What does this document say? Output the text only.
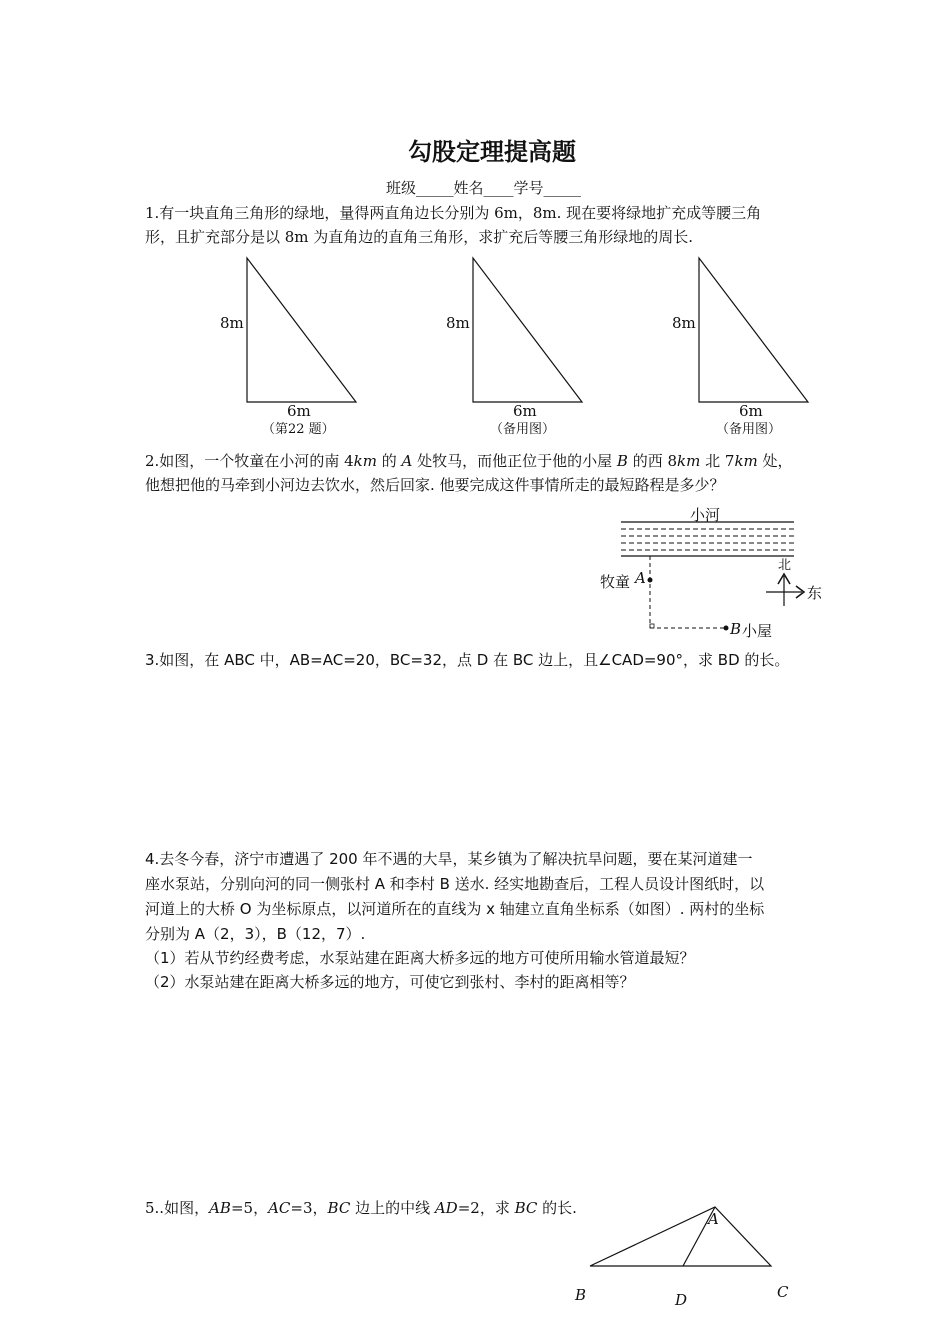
勾股定理提高题
班级_____姓名____学号_____
1.有一块直角三角形的绿地，量得两直角边长分别为 6m，8m. 现在要将绿地扩充成等腰三角
形，且扩充部分是以 8m 为直角边的直角三角形，求扩充后等腰三角形绿地的周长.
8m
6m
（第22 题）
8m
6m
（备用图）
8m
6m
（备用图）
2.如图，一个牧童在小河的南 4km 的 A 处牧马，而他正位于他的小屋 B 的西 8km 北 7km 处，
他想把他的马牵到小河边去饮水，然后回家. 他要完成这件事情所走的最短路程是多少？
小河
北
东
牧童 A
B 小屋
3.如图，在 ABC 中，AB=AC=20，BC=32，点 D 在 BC 边上，且∠CAD=90°，求 BD 的长。
4.去冬今春，济宁市遭遇了 200 年不遇的大旱，某乡镇为了解决抗旱问题，要在某河道建一
座水泵站，分别向河的同一侧张村 A 和李村 B 送水. 经实地勘查后，工程人员设计图纸时，以
河道上的大桥 O 为坐标原点，以河道所在的直线为 x 轴建立直角坐标系（如图）. 两村的坐标
分别为 A（2，3），B（12，7）.
（1）若从节约经费考虑，水泵站建在距离大桥多远的地方可使所用输水管道最短？
（2）水泵站建在距离大桥多远的地方，可使它到张村、李村的距离相等？
5..如图，AB=5，AC=3，BC 边上的中线 AD=2，求 BC 的长.
A
B	C
D
